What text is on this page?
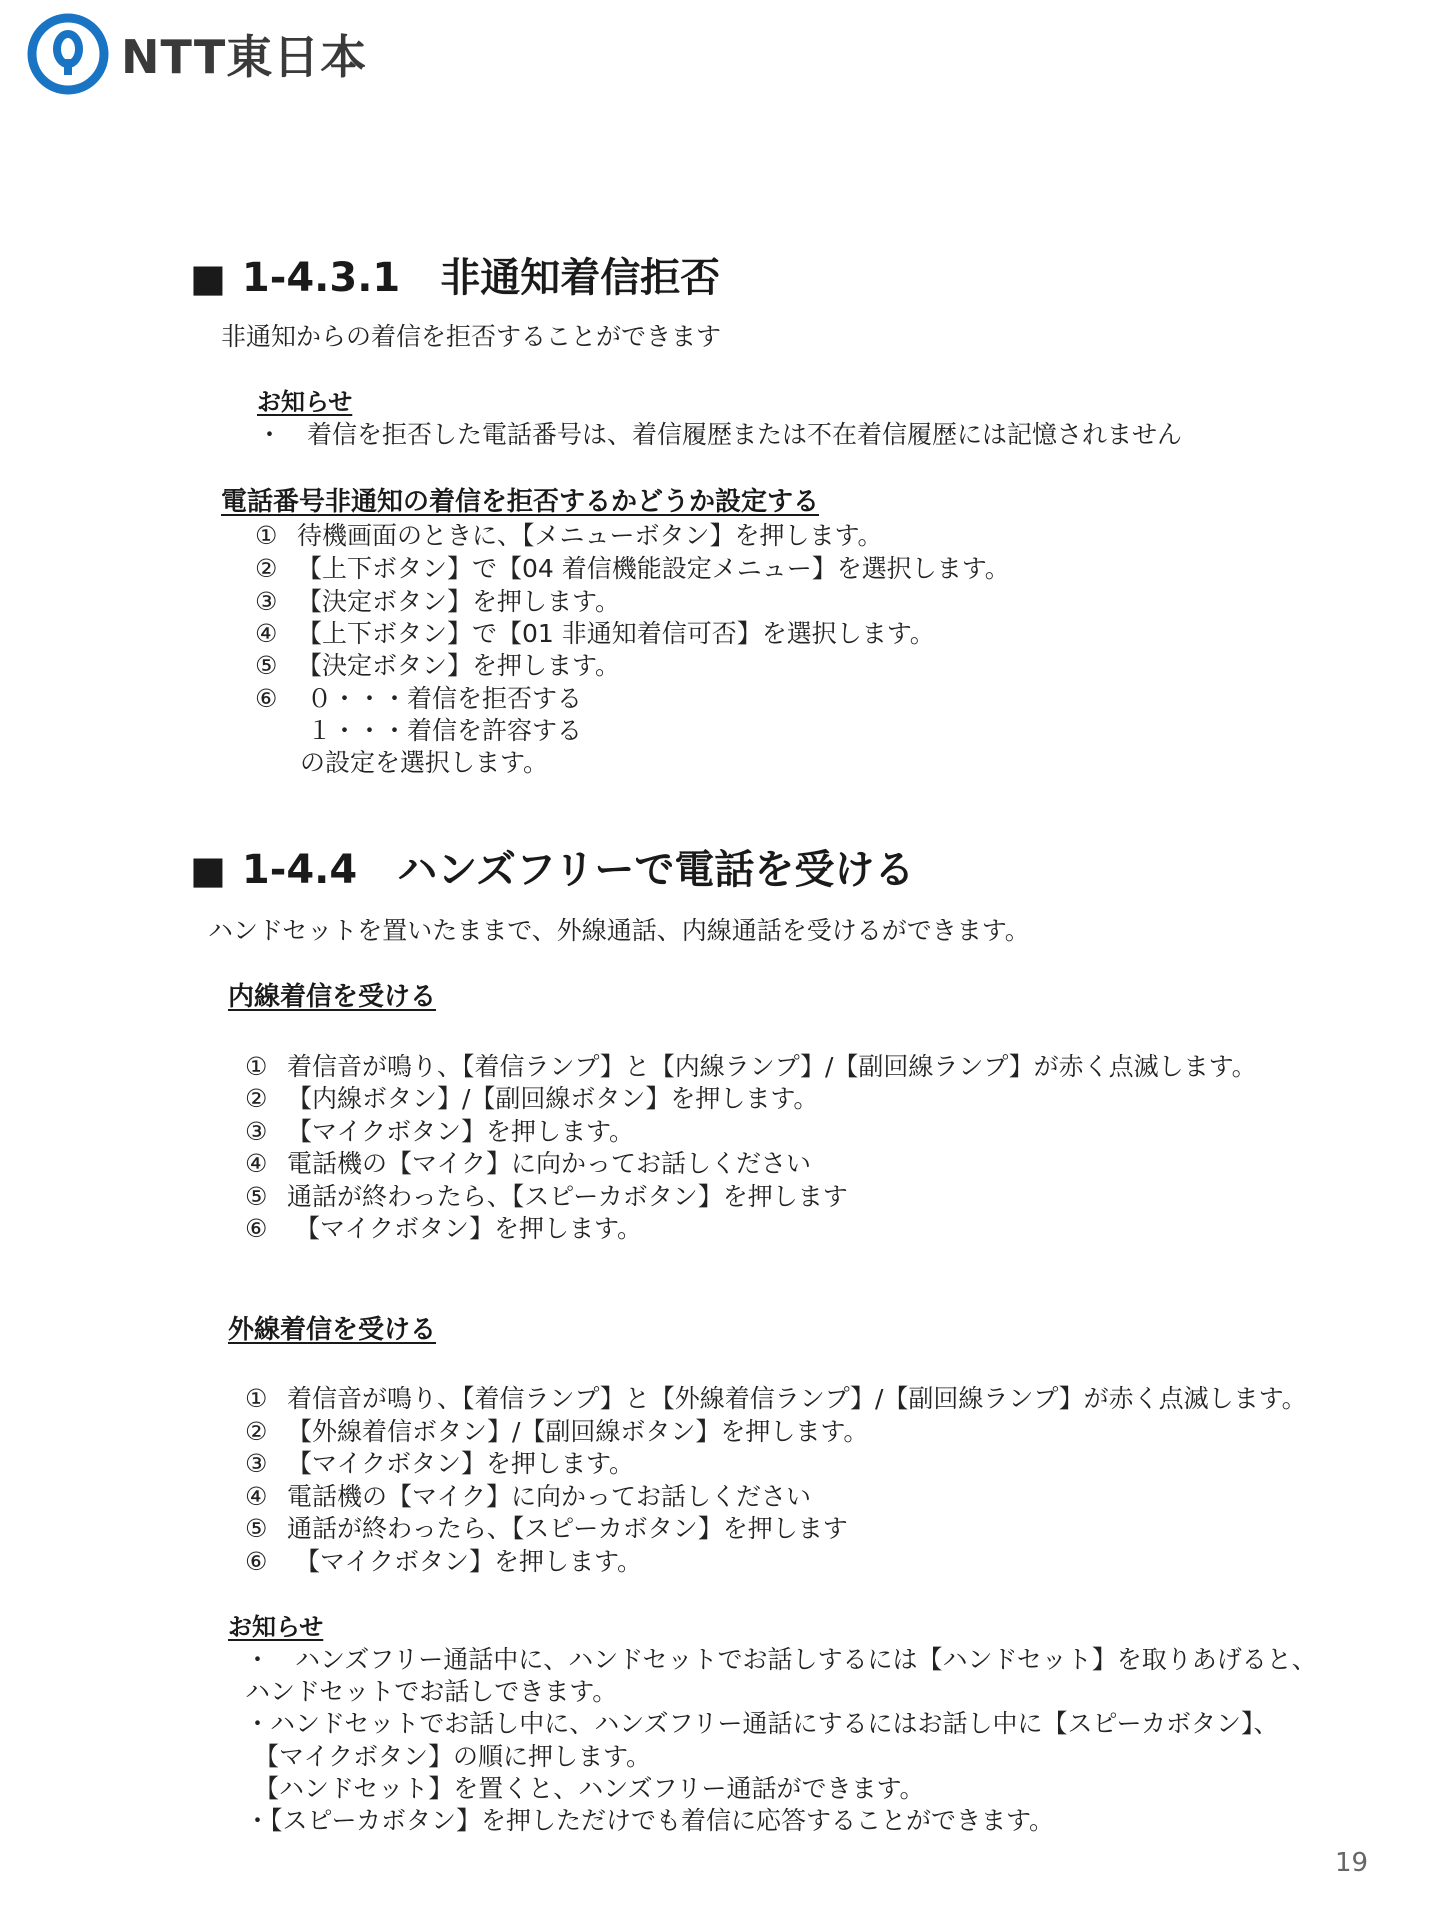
NTT東日本
■ 1-4.3.1　非通知着信拒否
非通知からの着信を拒否することができます
お知らせ
・　着信を拒否した電話番号は、着信履歴または不在着信履歴には記憶されません
電話番号非通知の着信を拒否するかどうか設定する
① 待機画面のときに、【メニューボタン】を押します。
② 【上下ボタン】で【04 着信機能設定メニュー】を選択します。
③ 【決定ボタン】を押します。
④ 【上下ボタン】で【01 非通知着信可否】を選択します。
⑤ 【決定ボタン】を押します。
⑥ ０・・・着信を拒否する
１・・・着信を許容する
の設定を選択します。
■ 1-4.4　ハンズフリーで電話を受ける
ハンドセットを置いたままで、外線通話、内線通話を受けるができます。
内線着信を受ける
① 着信音が鳴り、【着信ランプ】と【内線ランプ】/【副回線ランプ】が赤く点滅します。
② 【内線ボタン】/【副回線ボタン】を押します。
③ 【マイクボタン】を押します。
④ 電話機の【マイク】に向かってお話しください
⑤ 通話が終わったら、【スピーカボタン】を押します
⑥ 【マイクボタン】を押します。
外線着信を受ける
① 着信音が鳴り、【着信ランプ】と【外線着信ランプ】/【副回線ランプ】が赤く点滅します。
② 【外線着信ボタン】/【副回線ボタン】を押します。
③ 【マイクボタン】を押します。
④ 電話機の【マイク】に向かってお話しください
⑤ 通話が終わったら、【スピーカボタン】を押します
⑥ 【マイクボタン】を押します。
お知らせ
・　ハンズフリー通話中に、ハンドセットでお話しするには【ハンドセット】を取りあげると、
ハンドセットでお話しできます。
・ハンドセットでお話し中に、ハンズフリー通話にするにはお話し中に【スピーカボタン】、
【マイクボタン】の順に押します。
【ハンドセット】を置くと、ハンズフリー通話ができます。
・【スピーカボタン】を押しただけでも着信に応答することができます。
19
